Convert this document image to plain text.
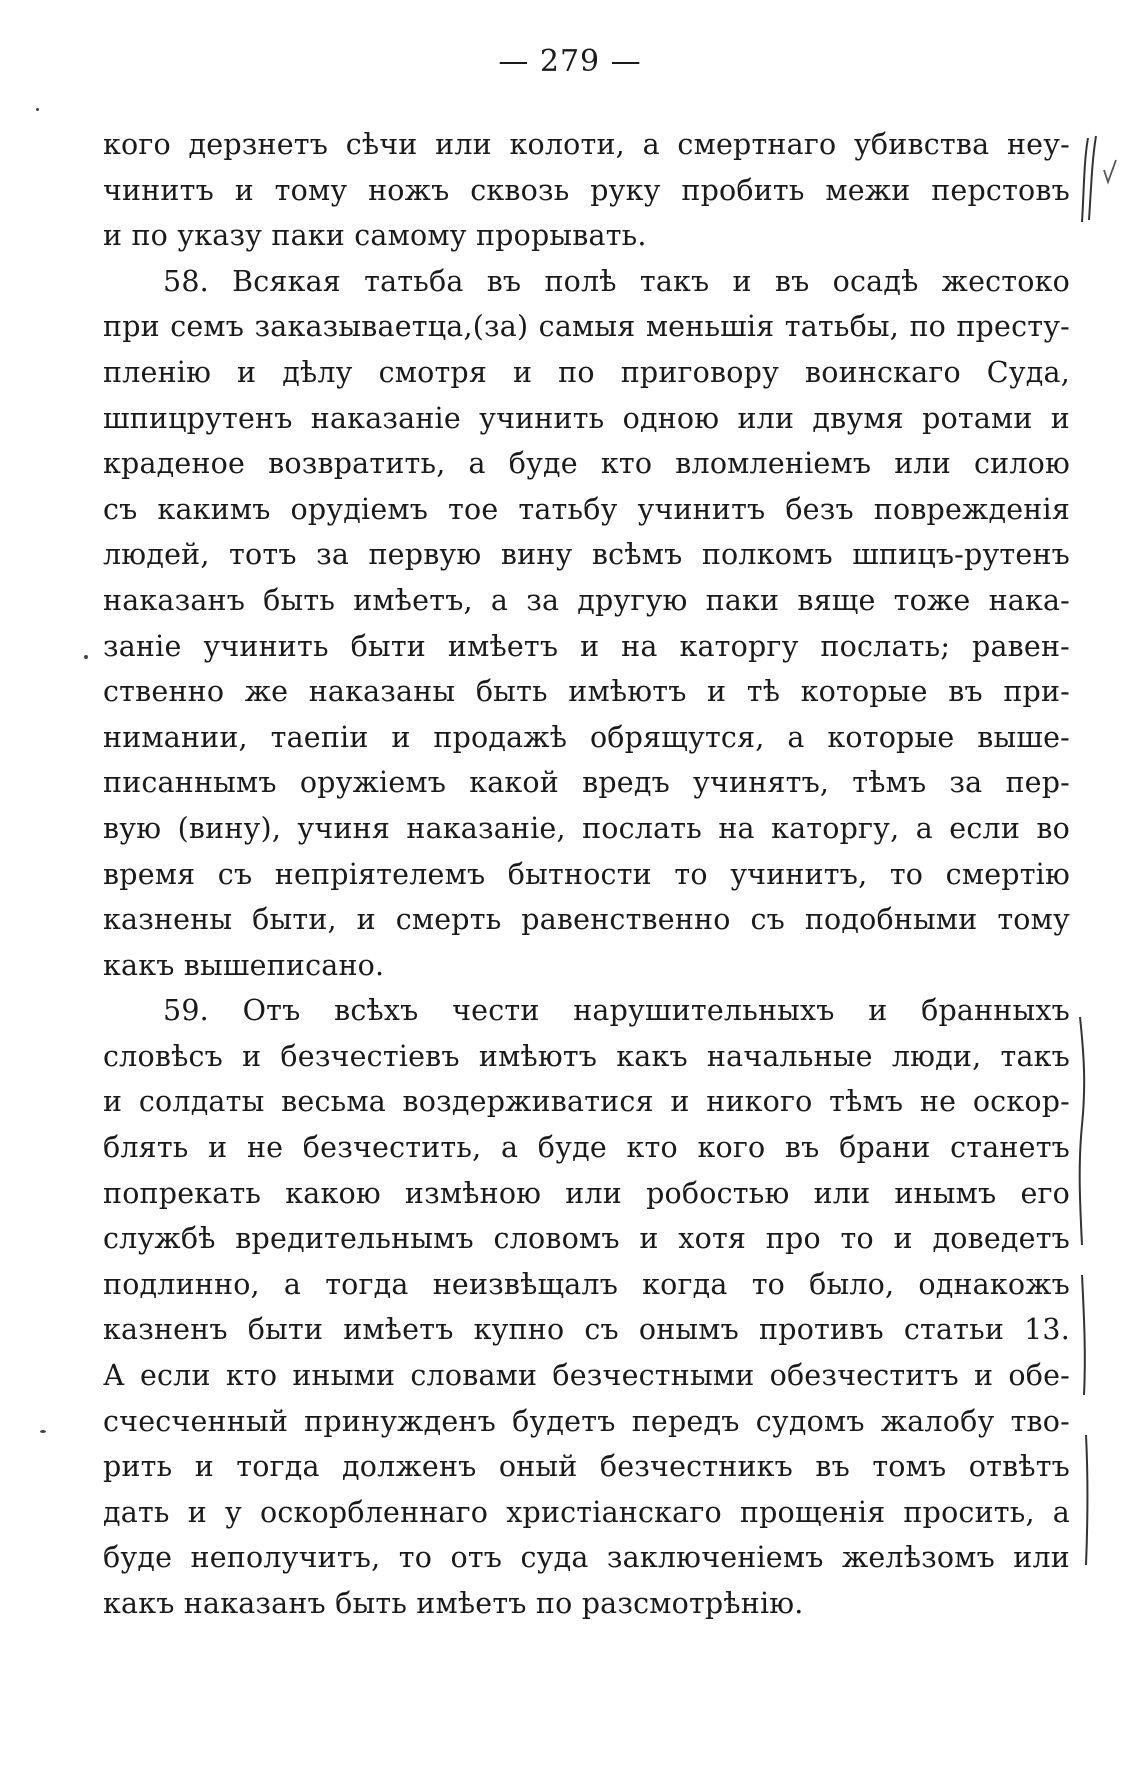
— 279 —
кого дерзнетъ сѣчи или колоти, а смертнаго убивства неу-
чинитъ и тому ножъ сквозь руку пробить межи перстовъ
и по указу паки самому прорывать.
58. Всякая татьба въ полѣ такъ и въ осадѣ жестоко
при семъ заказываетца,(за) самыя меньшія татьбы, по престу-
пленію и дѣлу смотря и по приговору воинскаго Суда,
шпицрутенъ наказаніе учинить одною или двумя ротами и
краденое возвратить, а буде кто вломленіемъ или силою
съ какимъ орудіемъ тое татьбу учинитъ безъ поврежденія
людей, тотъ за первую вину всѣмъ полкомъ шпицъ-рутенъ
наказанъ быть имѣетъ, а за другую паки вяще тоже нака-
заніе учинить быти имѣетъ и на каторгу послать; равен-
ственно же наказаны быть имѣютъ и тѣ которые въ при-
нимании, таепіи и продажѣ обрящутся, а которые выше-
писаннымъ оружіемъ какой вредъ учинятъ, тѣмъ за пер-
вую (вину), учиня наказаніе, послать на каторгу, а если во
время съ непріятелемъ бытности то учинитъ, то смертію
казнены быти, и смерть равенственно съ подобными тому
какъ вышеписано.
59. Отъ всѣхъ чести нарушительныхъ и бранныхъ
словѣсъ и безчестіевъ имѣютъ какъ начальные люди, такъ
и солдаты весьма воздерживатися и никого тѣмъ не оскор-
блять и не безчестить, а буде кто кого въ брани станетъ
попрекать какою измѣною или робостью или инымъ его
службѣ вредительнымъ словомъ и хотя про то и доведетъ
подлинно, а тогда неизвѣщалъ когда то было, однакожъ
казненъ быти имѣетъ купно съ онымъ противъ статьи 13.
А если кто иными словами безчестными обезчеститъ и обе-
счесченный принужденъ будетъ передъ судомъ жалобу тво-
рить и тогда долженъ оный безчестникъ въ томъ отвѣтъ
дать и у оскорбленнаго христіанскаго прощенія просить, а
буде неполучитъ, то отъ суда заключеніемъ желѣзомъ или
какъ наказанъ быть имѣетъ по разсмотрѣнію.
